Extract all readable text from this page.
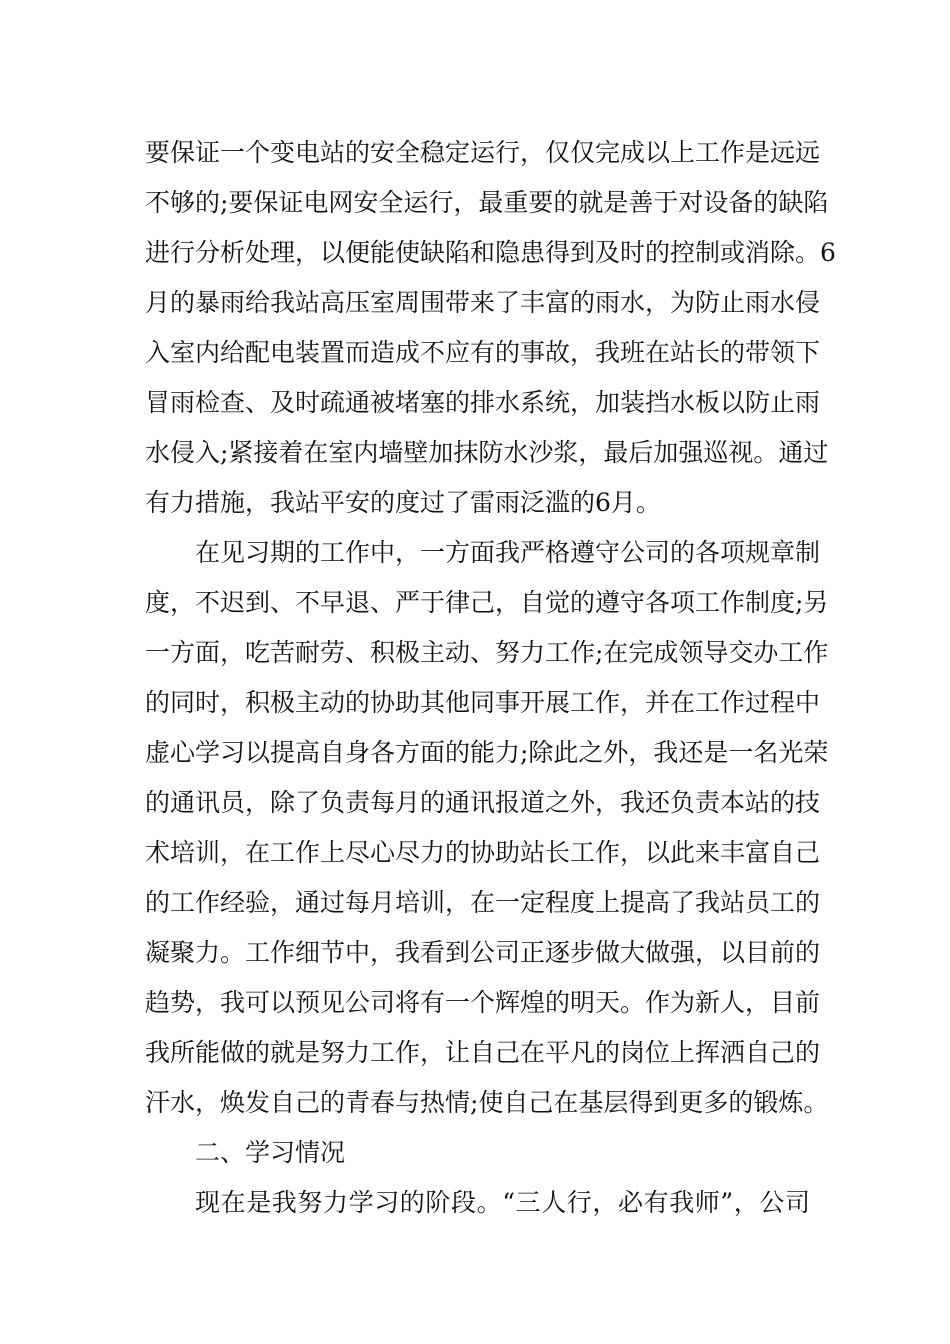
要保证一个变电站的安全稳定运行，仅仅完成以上工作是远远
不够的;要保证电网安全运行，最重要的就是善于对设备的缺陷
进行分析处理，以便能使缺陷和隐患得到及时的控制或消除。6
月的暴雨给我站高压室周围带来了丰富的雨水，为防止雨水侵
入室内给配电装置而造成不应有的事故，我班在站长的带领下
冒雨检查、及时疏通被堵塞的排水系统，加装挡水板以防止雨
水侵入;紧接着在室内墙壁加抹防水沙浆，最后加强巡视。通过
有力措施，我站平安的度过了雷雨泛滥的6月。
在见习期的工作中，一方面我严格遵守公司的各项规章制
度，不迟到、不早退、严于律己，自觉的遵守各项工作制度;另
一方面，吃苦耐劳、积极主动、努力工作;在完成领导交办工作
的同时，积极主动的协助其他同事开展工作，并在工作过程中
虚心学习以提高自身各方面的能力;除此之外，我还是一名光荣
的通讯员，除了负责每月的通讯报道之外，我还负责本站的技
术培训，在工作上尽心尽力的协助站长工作，以此来丰富自己
的工作经验，通过每月培训，在一定程度上提高了我站员工的
凝聚力。工作细节中，我看到公司正逐步做大做强，以目前的
趋势，我可以预见公司将有一个辉煌的明天。作为新人，目前
我所能做的就是努力工作，让自己在平凡的岗位上挥洒自己的
汗水，焕发自己的青春与热情;使自己在基层得到更多的锻炼。
二、学习情况
现在是我努力学习的阶段。“三人行，必有我师”，公司
